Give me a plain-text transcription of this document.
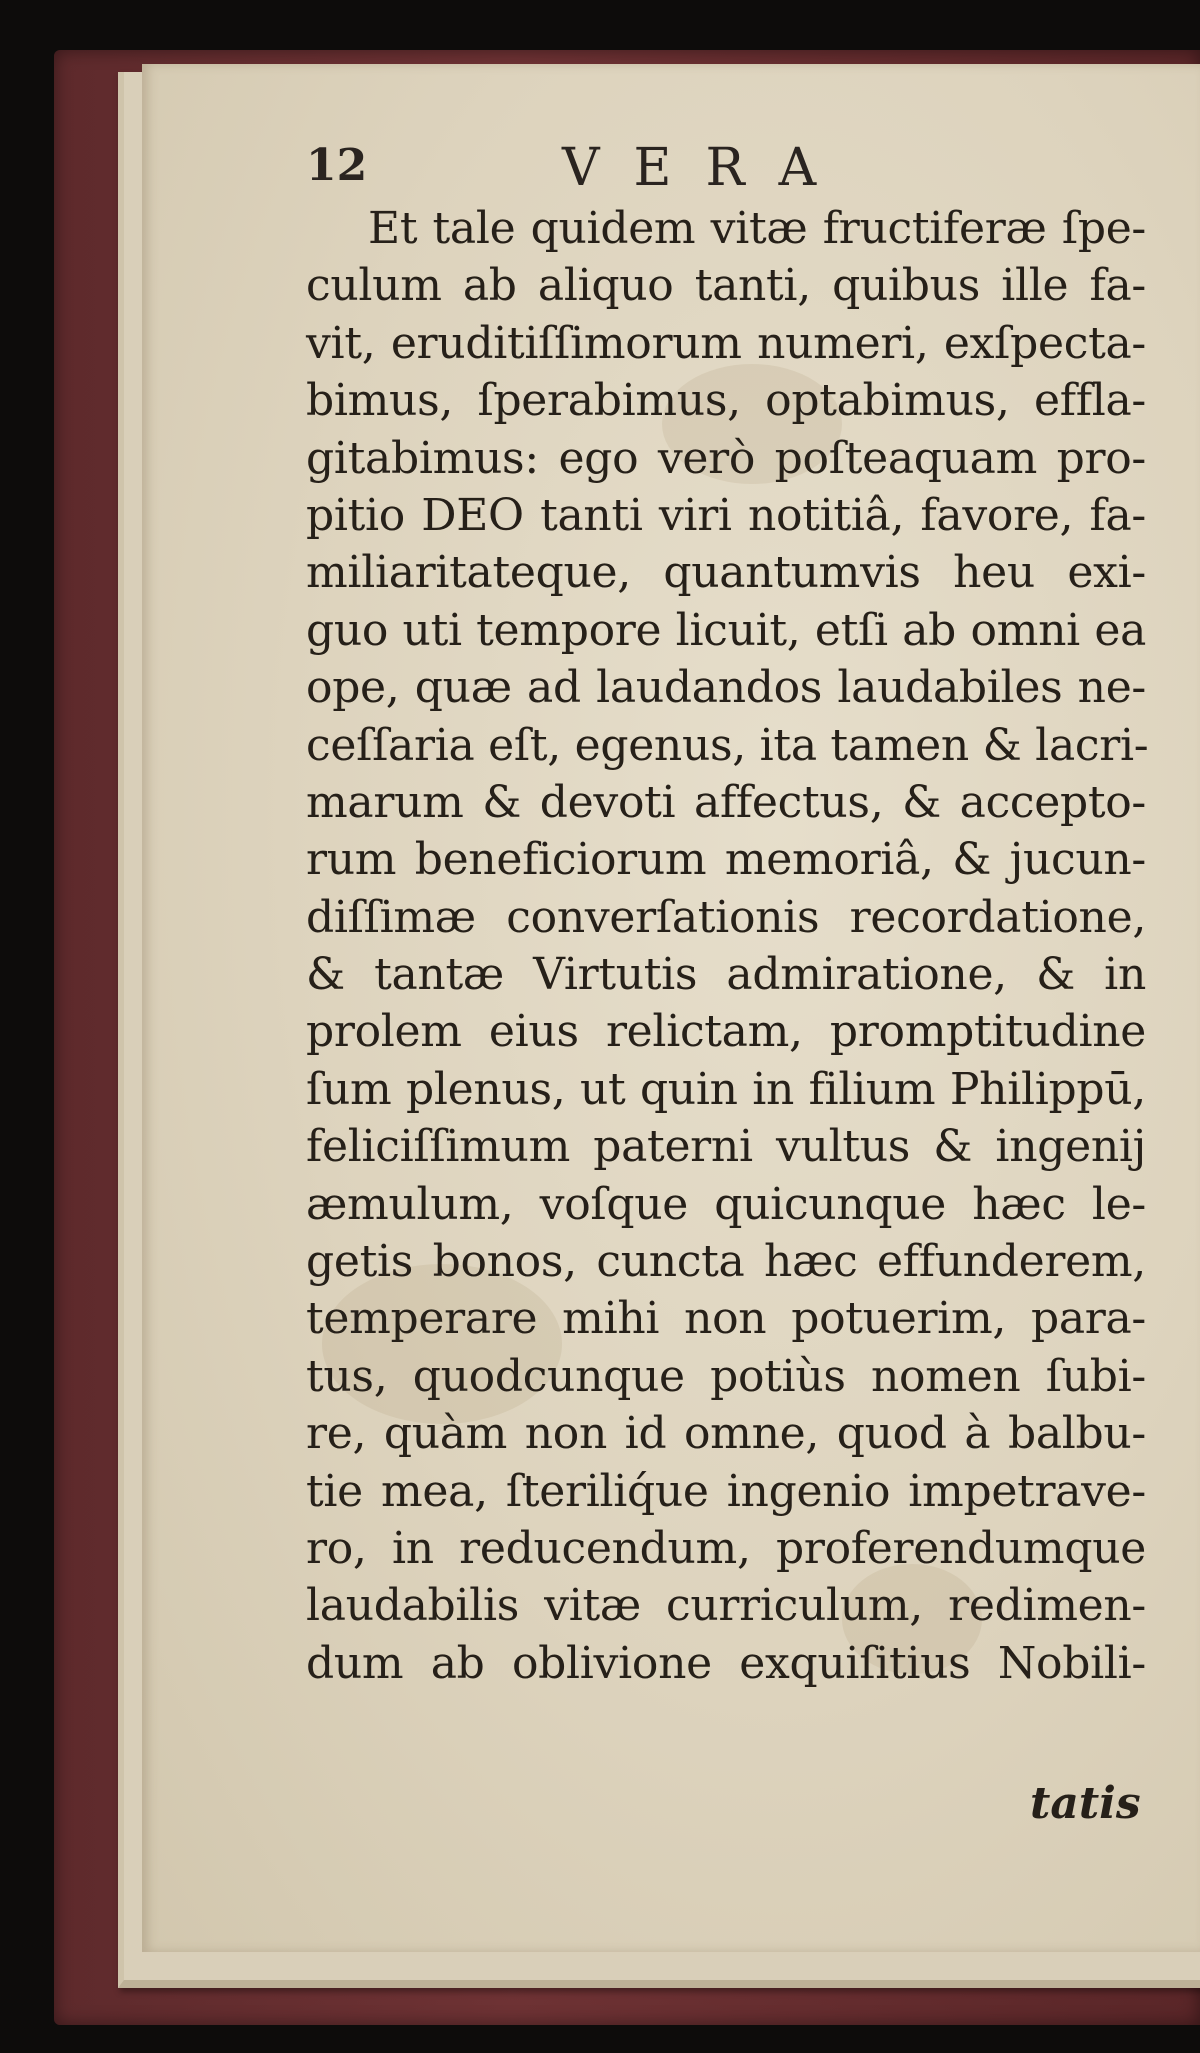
12	VERA
Et tale quidem vitæ fructiferæ ſpe-
culum ab aliquo tanti, quibus ille fa-
vit, eruditiſſimorum numeri, exſpecta-
bimus, ſperabimus, optabimus, effla-
gitabimus: ego verò poſteaquam pro-
pitio DEO tanti viri notitiâ, favore, fa-
miliaritateque, quantumvis heu exi-
guo uti tempore licuit, etſi ab omni ea
ope, quæ ad laudandos laudabiles ne-
ceſſaria eſt, egenus, ita tamen & lacri-
marum & devoti affectus, & accepto-
rum beneficiorum memoriâ, & jucun-
diſſimæ converſationis recordatione,
& tantæ Virtutis admiratione, & in
prolem eius relictam, promptitudine
ſum plenus, ut quin in filium Philippū,
feliciſſimum paterni vultus & ingenij
æmulum, voſque quicunque hæc le-
getis bonos, cuncta hæc effunderem,
temperare mihi non potuerim, para-
tus, quodcunque potiùs nomen ſubi-
re, quàm non id omne, quod à balbu-
tie mea, ſteriliq́ue ingenio impetrave-
ro, in reducendum, proferendumque
laudabilis vitæ curriculum, redimen-
dum ab oblivione exquiſitius Nobili-
tatis
